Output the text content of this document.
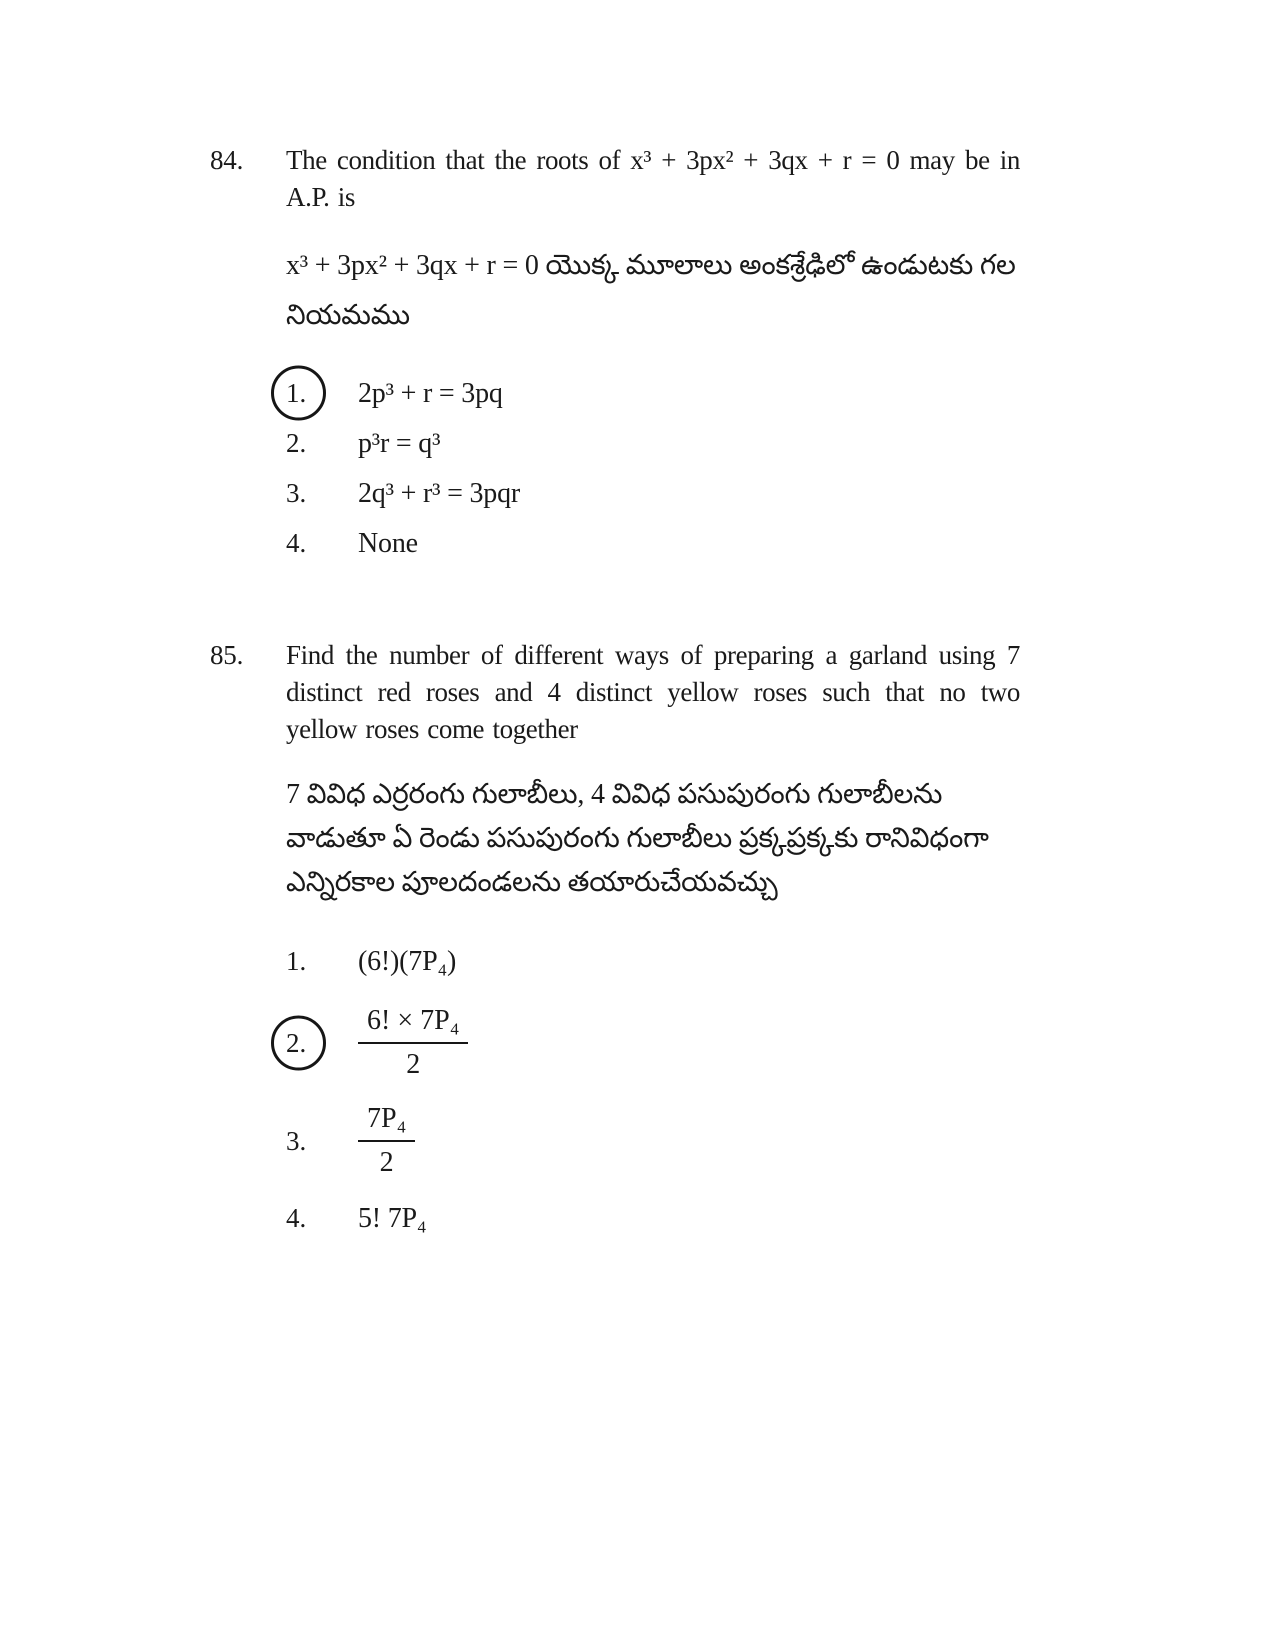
84.	The condition that the roots of x³ + 3px² + 3qx + r = 0 may be in A.P. is

x³ + 3px² + 3qx + r = 0 యొక్క మూలాలు అంకశ్రేఢిలో ఉండుటకు గల నియమము

1.	2p³ + r = 3pq
2.	p³r = q³
3.	2q³ + r³ = 3pqr
4.	None
85.	Find the number of different ways of preparing a garland using 7 distinct red roses and 4 distinct yellow roses such that no two yellow roses come together

7 వివిధ ఎర్రరంగు గులాబీలు, 4 వివిధ పసుపురంగు గులాబీలను వాడుతూ ఏ రెండు పసుపురంగు గులాబీలు ప్రక్కప్రక్కకు రానివిధంగా ఎన్నిరకాల పూలదండలను తయారుచేయవచ్చు

1.	(6!)(7P₄)
2.	$\frac{\text{6! × 7P₄}}{2}$
3.	$\frac{\text{7P₄}}{2}$
4.	5! 7P₄
